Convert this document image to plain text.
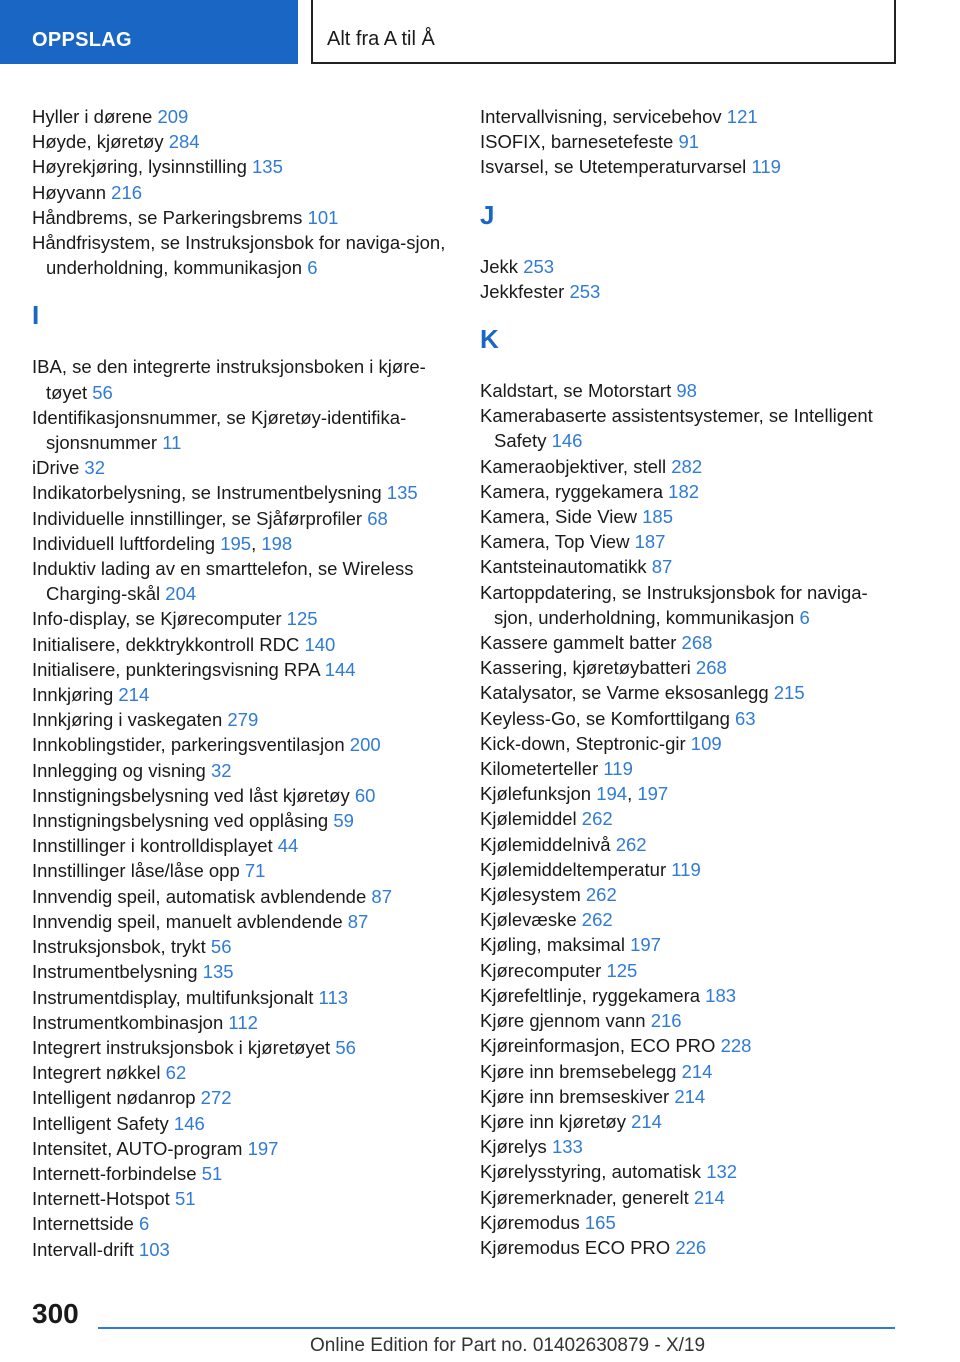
OPPSLAG	Alt fra A til Å
Hyller i dørene 209
Høyde, kjøretøy 284
Høyrekjøring, lysinnstilling 135
Høyvann 216
Håndbrems, se Parkeringsbrems 101
Håndfrisystem, se Instruksjonsbok for naviga-sjon, underholdning, kommunikasjon 6
I
IBA, se den integrerte instruksjonsboken i kjøre-tøyet 56
Identifikasjonsnummer, se Kjøretøy-identifika-sjonsnummer 11
iDrive 32
Indikatorbelysning, se Instrumentbelysning 135
Individuelle innstillinger, se Sjåførprofiler 68
Individuell luftfordeling 195, 198
Induktiv lading av en smarttelefon, se Wireless Charging-skål 204
Info-display, se Kjørecomputer 125
Initialisere, dekktrykkontroll RDC 140
Initialisere, punkteringsvisning RPA 144
Innkjøring 214
Innkjøring i vaskegaten 279
Innkoblingstider, parkeringsventilasjon 200
Innlegging og visning 32
Innstigningsbelysning ved låst kjøretøy 60
Innstigningsbelysning ved opplåsing 59
Innstillinger i kontrolldisplayet 44
Innstillinger låse/låse opp 71
Innvendig speil, automatisk avblendende 87
Innvendig speil, manuelt avblendende 87
Instruksjonsbok, trykt 56
Instrumentbelysning 135
Instrumentdisplay, multifunksjonalt 113
Instrumentkombinasjon 112
Integrert instruksjonsbok i kjøretøyet 56
Integrert nøkkel 62
Intelligent nødanrop 272
Intelligent Safety 146
Intensitet, AUTO-program 197
Internett-forbindelse 51
Internett-Hotspot 51
Internettside 6
Intervall-drift 103
Intervallvisning, servicebehov 121
ISOFIX, barnesetefeste 91
Isvarsel, se Utetemperaturvarsel 119
J
Jekk 253
Jekkfester 253
K
Kaldstart, se Motorstart 98
Kamerabaserte assistentsystemer, se Intelligent Safety 146
Kameraobjektiver, stell 282
Kamera, ryggekamera 182
Kamera, Side View 185
Kamera, Top View 187
Kantsteinautomatikk 87
Kartoppdatering, se Instruksjonsbok for naviga-sjon, underholdning, kommunikasjon 6
Kassere gammelt batter 268
Kassering, kjøretøybatteri 268
Katalysator, se Varme eksosanlegg 215
Keyless-Go, se Komforttilgang 63
Kick-down, Steptronic-gir 109
Kilometerteller 119
Kjølefunksjon 194, 197
Kjølemiddel 262
Kjølemiddelnivå 262
Kjølemiddeltemperatur 119
Kjølesystem 262
Kjølevæske 262
Kjøling, maksimal 197
Kjørecomputer 125
Kjørefeltlinje, ryggekamera 183
Kjøre gjennom vann 216
Kjøreinformasjon, ECO PRO 228
Kjøre inn bremsebelegg 214
Kjøre inn bremseskiver 214
Kjøre inn kjøretøy 214
Kjørelys 133
Kjørelysstyring, automatisk 132
Kjøremerknader, generelt 214
Kjøremodus 165
Kjøremodus ECO PRO 226
300
Online Edition for Part no. 01402630879 - X/19
